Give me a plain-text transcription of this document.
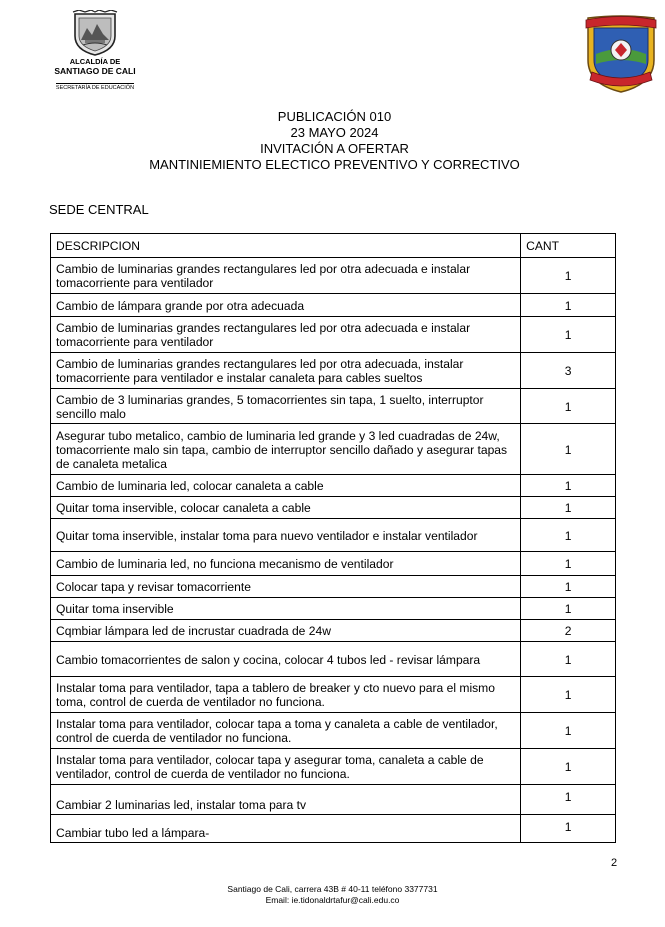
ALCALDÍA DE
SANTIAGO DE CALI
SECRETARÍA DE EDUCACIÓN
PUBLICACIÓN 010
23 MAYO 2024
INVITACIÓN A OFERTAR
MANTINIEMIENTO ELECTICO PREVENTIVO Y CORRECTIVO
SEDE CENTRAL
DESCRIPCION	CANT
Cambio de luminarias grandes rectangulares led por otra adecuada e instalar tomacorriente para ventilador	1
Cambio de lámpara grande por otra adecuada	1
Cambio de luminarias grandes rectangulares led por otra adecuada e instalar tomacorriente para ventilador	1
Cambio de luminarias grandes rectangulares led por otra adecuada, instalar tomacorriente para ventilador e instalar canaleta para cables sueltos	3
Cambio de 3 luminarias grandes, 5 tomacorrientes sin tapa, 1 suelto, interruptor sencillo malo	1
Asegurar tubo metalico, cambio de luminaria led grande y 3 led cuadradas de 24w, tomacorriente malo sin tapa, cambio de interruptor sencillo dañado y asegurar tapas de canaleta metalica	1
Cambio de luminaria led, colocar canaleta a cable	1
Quitar toma inservible, colocar canaleta a cable	1
Quitar toma inservible, instalar toma para nuevo ventilador e instalar ventilador	1
Cambio de luminaria led, no funciona mecanismo de ventilador	1
Colocar tapa y revisar tomacorriente	1
Quitar toma inservible	1
Cqmbiar lámpara led de incrustar cuadrada de 24w	2
Cambio tomacorrientes de salon y cocina, colocar 4 tubos led - revisar lámpara	1
Instalar toma para ventilador, tapa a tablero de breaker y cto nuevo para el mismo toma, control de cuerda de ventilador no funciona.	1
Instalar toma para ventilador, colocar tapa a toma y canaleta a cable de ventilador, control de cuerda de ventilador no funciona.	1
Instalar toma para ventilador, colocar tapa y asegurar toma, canaleta a cable de ventilador, control de cuerda de ventilador no funciona.	1
Cambiar 2 luminarias led, instalar toma para tv	1
Cambiar tubo led a lámpara-	1
2
Santiago de Cali, carrera 43B # 40-11 teléfono 3377731
Email: ie.tidonaldrtafur@cali.edu.co
